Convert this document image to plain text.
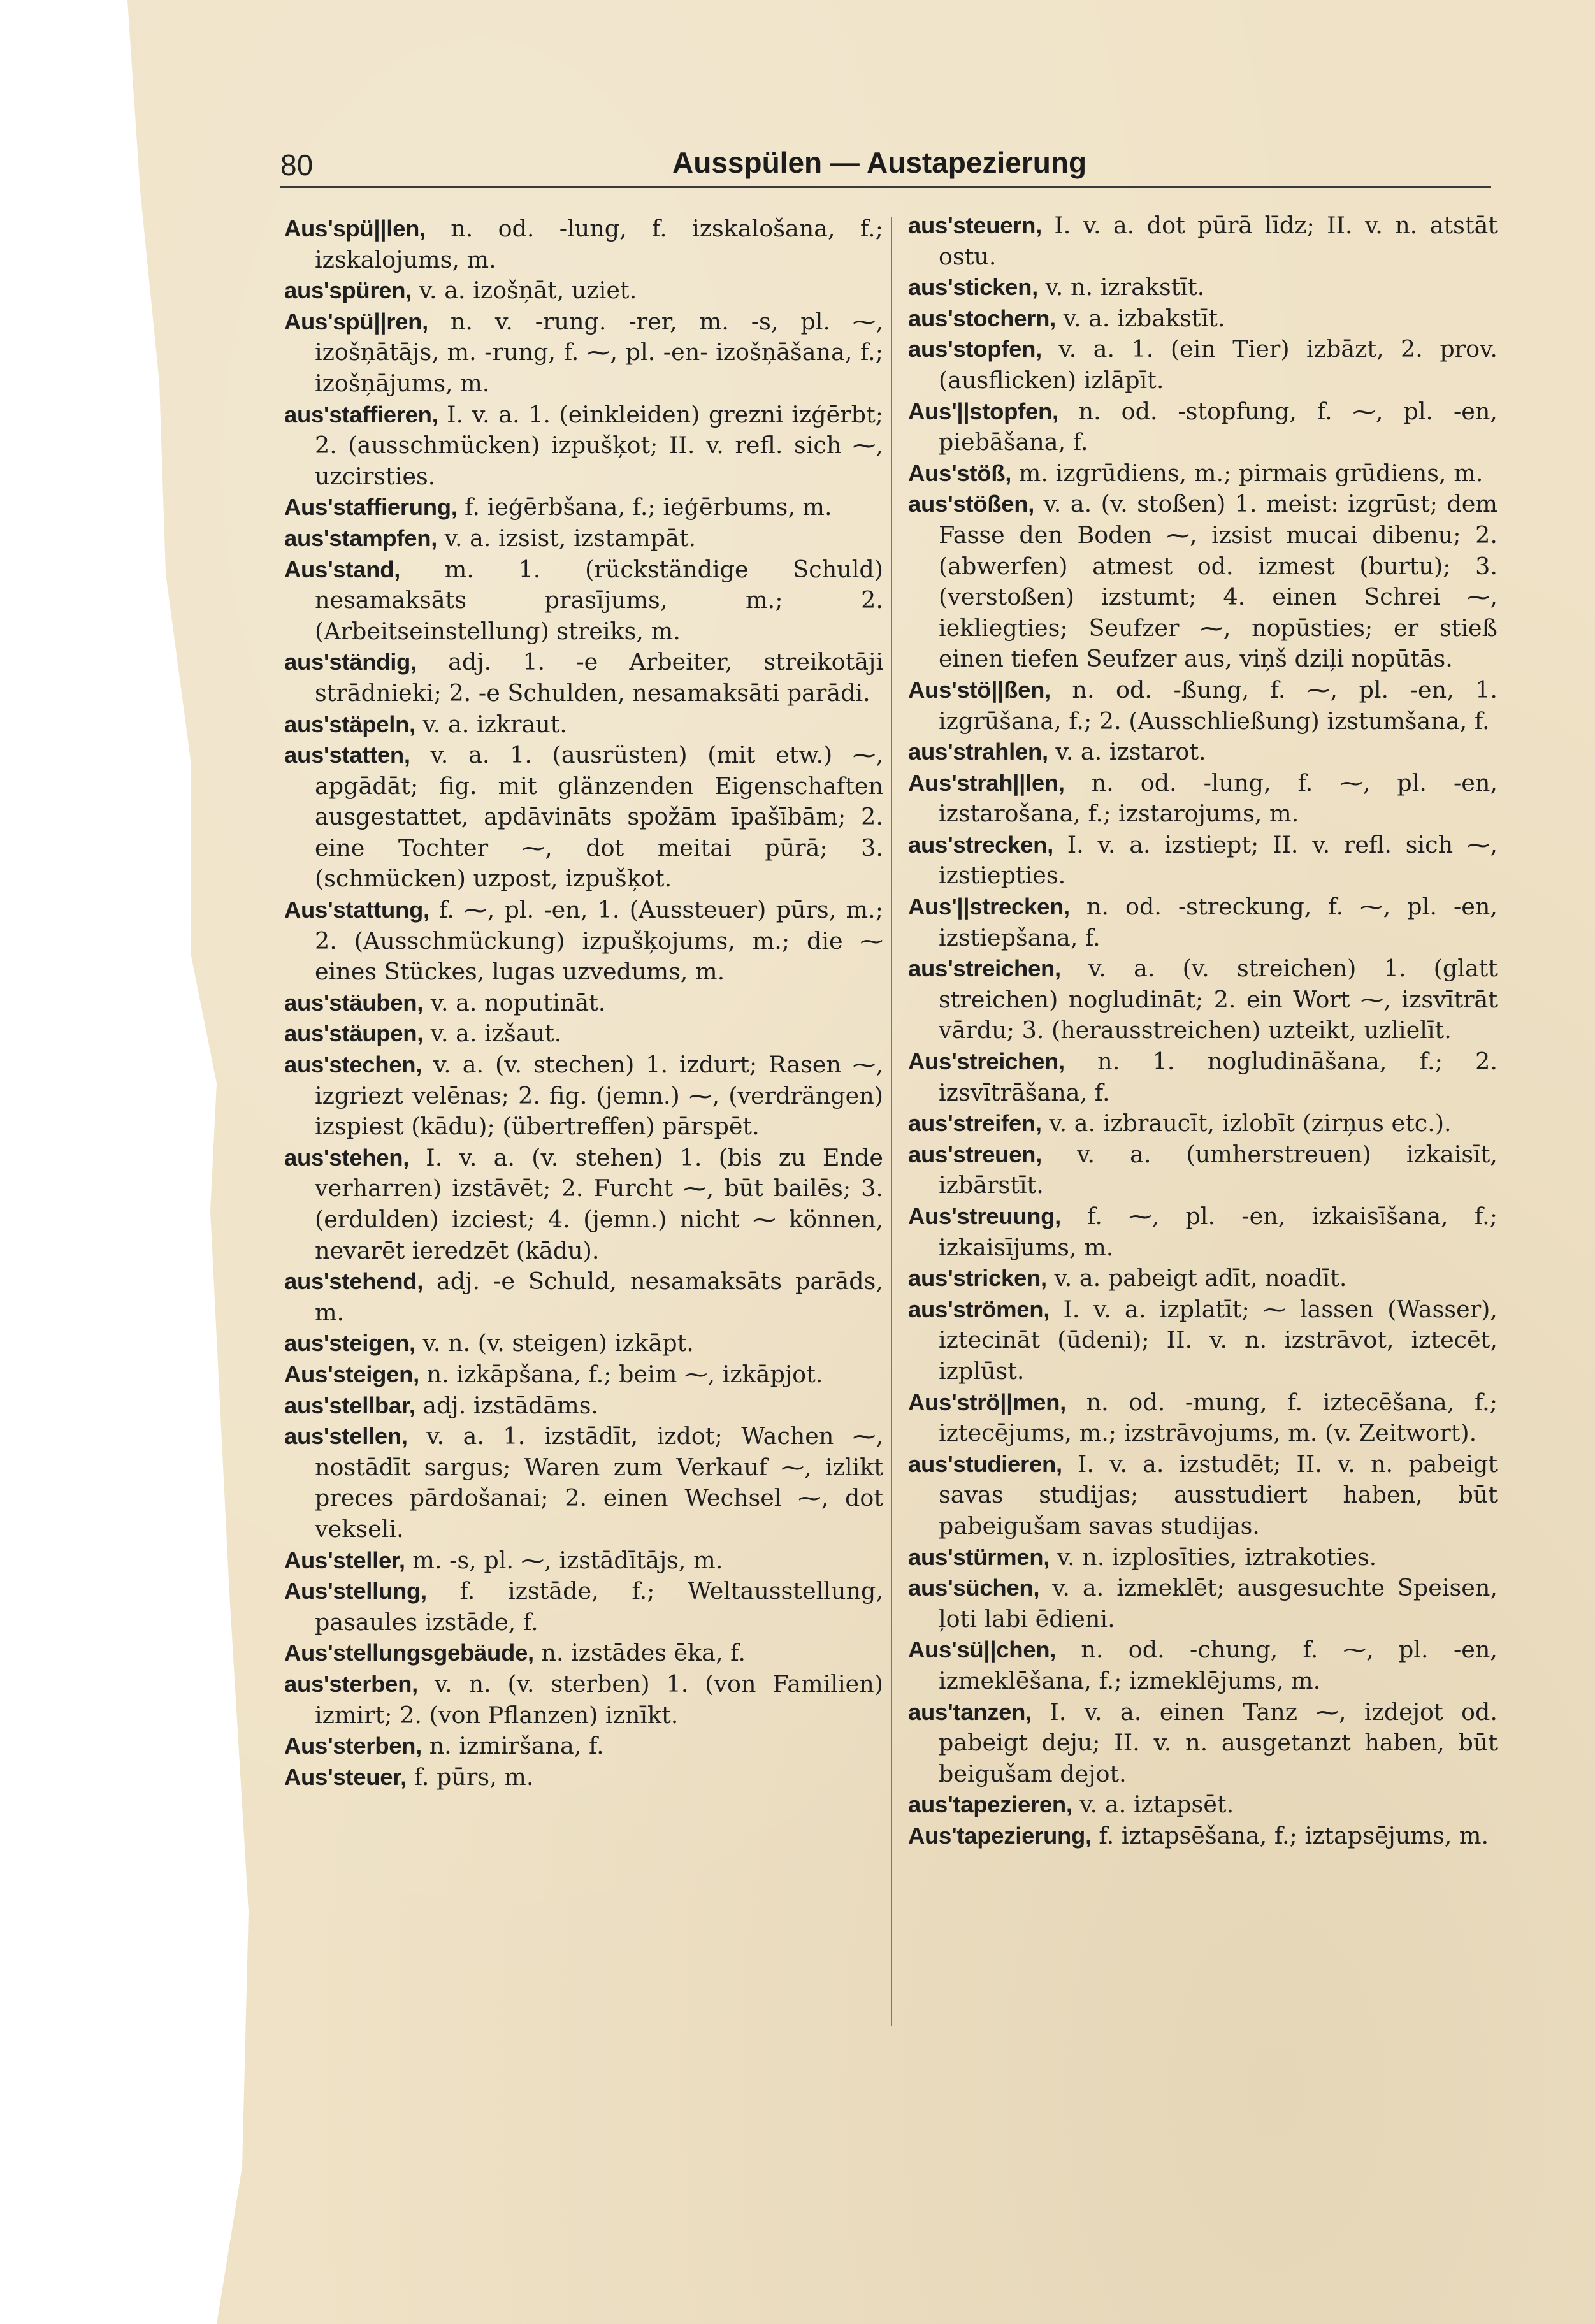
80	Ausspülen — Austapezierung

Aus'spü||len, n. od. -lung, f. izskalošana, f.; izskalojums, m.

aus'spüren, v. a. izošņāt, uziet.

Aus'spü||ren, n. v. -rung. -rer, m. -s, pl. ⁓, izošņātājs, m. -rung, f. ⁓, pl. -en- izošņāšana, f.; izošņājums, m.

aus'staffieren, I. v. a. 1. (einkleiden) grezni izģērbt; 2. (ausschmücken) izpušķot; II. v. refl. sich ⁓, uzcirsties.

Aus'staffierung, f. ieģērbšana, f.; ieģērbums, m.

aus'stampfen, v. a. izsist, izstampāt.

Aus'stand, m. 1. (rückständige Schuld) nesamaksāts prasījums, m.; 2. (Arbeitseinstellung) streiks, m.

aus'ständig, adj. 1. -e Arbeiter, streikotāji strādnieki; 2. -e Schulden, nesamaksāti parādi.

aus'stäpeln, v. a. izkraut.

aus'statten, v. a. 1. (ausrüsten) (mit etw.) ⁓, apgādāt; fig. mit glänzenden Eigenschaften ausgestattet, apdāvināts spožām īpašībām; 2. eine Tochter ⁓, dot meitai pūrā; 3. (schmücken) uzpost, izpušķot.

Aus'stattung, f. ⁓, pl. -en, 1. (Aussteuer) pūrs, m.; 2. (Ausschmückung) izpušķojums, m.; die ⁓ eines Stückes, lugas uzvedums, m.

aus'stäuben, v. a. noputināt.

aus'stäupen, v. a. izšaut.

aus'stechen, v. a. (v. stechen) 1. izdurt; Rasen ⁓, izgriezt velēnas; 2. fig. (jemn.) ⁓, (verdrängen) izspiest (kādu); (übertreffen) pārspēt.

aus'stehen, I. v. a. (v. stehen) 1. (bis zu Ende verharren) izstāvēt; 2. Furcht ⁓, būt bailēs; 3. (erdulden) izciest; 4. (jemn.) nicht ⁓ können, nevarēt ieredzēt (kādu).

aus'stehend, adj. -e Schuld, nesamaksāts parāds, m.

aus'steigen, v. n. (v. steigen) izkāpt.

Aus'steigen, n. izkāpšana, f.; beim ⁓, izkāpjot.

aus'stellbar, adj. izstādāms.

aus'stellen, v. a. 1. izstādīt, izdot; Wachen ⁓, nostādīt sargus; Waren zum Verkauf ⁓, izlikt preces pārdošanai; 2. einen Wechsel ⁓, dot vekseli.

Aus'steller, m. -s, pl. ⁓, izstādītājs, m.

Aus'stellung, f. izstāde, f.; Weltausstellung, pasaules izstāde, f.

Aus'stellungsgebäude, n. izstādes ēka, f.

aus'sterben, v. n. (v. sterben) 1. (von Familien) izmirt; 2. (von Pflanzen) iznīkt.

Aus'sterben, n. izmiršana, f.

Aus'steuer, f. pūrs, m.

aus'steuern, I. v. a. dot pūrā līdz; II. v. n. atstāt ostu.

aus'sticken, v. n. izrakstīt.

aus'stochern, v. a. izbakstīt.

aus'stopfen, v. a. 1. (ein Tier) izbāzt, 2. prov. (ausflicken) izlāpīt.

Aus'||stopfen, n. od. -stopfung, f. ⁓, pl. -en, piebāšana, f.

Aus'stöß, m. izgrūdiens, m.; pirmais grūdiens, m.

aus'stößen, v. a. (v. stoßen) 1. meist: izgrūst; dem Fasse den Boden ⁓, izsist mucai dibenu; 2. (abwerfen) atmest od. izmest (burtu); 3. (verstoßen) izstumt; 4. einen Schrei ⁓, iekliegties; Seufzer ⁓, nopūsties; er stieß einen tiefen Seufzer aus, viņš dziļi nopūtās.

Aus'stö||ßen, n. od. -ßung, f. ⁓, pl. -en, 1. izgrūšana, f.; 2. (Ausschließung) izstumšana, f.

aus'strahlen, v. a. izstarot.

Aus'strah||len, n. od. -lung, f. ⁓, pl. -en, izstarošana, f.; izstarojums, m.

aus'strecken, I. v. a. izstiept; II. v. refl. sich ⁓, izstiepties.

Aus'||strecken, n. od. -streckung, f. ⁓, pl. -en, izstiepšana, f.

aus'streichen, v. a. (v. streichen) 1. (glatt streichen) nogludināt; 2. ein Wort ⁓, izsvītrāt vārdu; 3. (herausstreichen) uzteikt, uzlielīt.

Aus'streichen, n. 1. nogludināšana, f.; 2. izsvītrāšana, f.

aus'streifen, v. a. izbraucīt, izlobīt (zirņus etc.).

aus'streuen, v. a. (umherstreuen) izkaisīt, izbārstīt.

Aus'streuung, f. ⁓, pl. -en, izkaisīšana, f.; izkaisījums, m.

aus'stricken, v. a. pabeigt adīt, noadīt.

aus'strömen, I. v. a. izplatīt; ⁓ lassen (Wasser), iztecināt (ūdeni); II. v. n. izstrāvot, iztecēt, izplūst.

Aus'strö||men, n. od. -mung, f. iztecēšana, f.; iztecējums, m.; izstrāvojums, m. (v. Zeitwort).

aus'studieren, I. v. a. izstudēt; II. v. n. pabeigt savas studijas; ausstudiert haben, būt pabeigušam savas studijas.

aus'stürmen, v. n. izplosīties, iztrakoties.

aus'süchen, v. a. izmeklēt; ausgesuchte Speisen, ļoti labi ēdieni.

Aus'sü||chen, n. od. -chung, f. ⁓, pl. -en, izmeklēšana, f.; izmeklējums, m.

aus'tanzen, I. v. a. einen Tanz ⁓, izdejot od. pabeigt deju; II. v. n. ausgetanzt haben, būt beigušam dejot.

aus'tapezieren, v. a. iztapsēt.

Aus'tapezierung, f. iztapsēšana, f.; iztapsējums, m.
